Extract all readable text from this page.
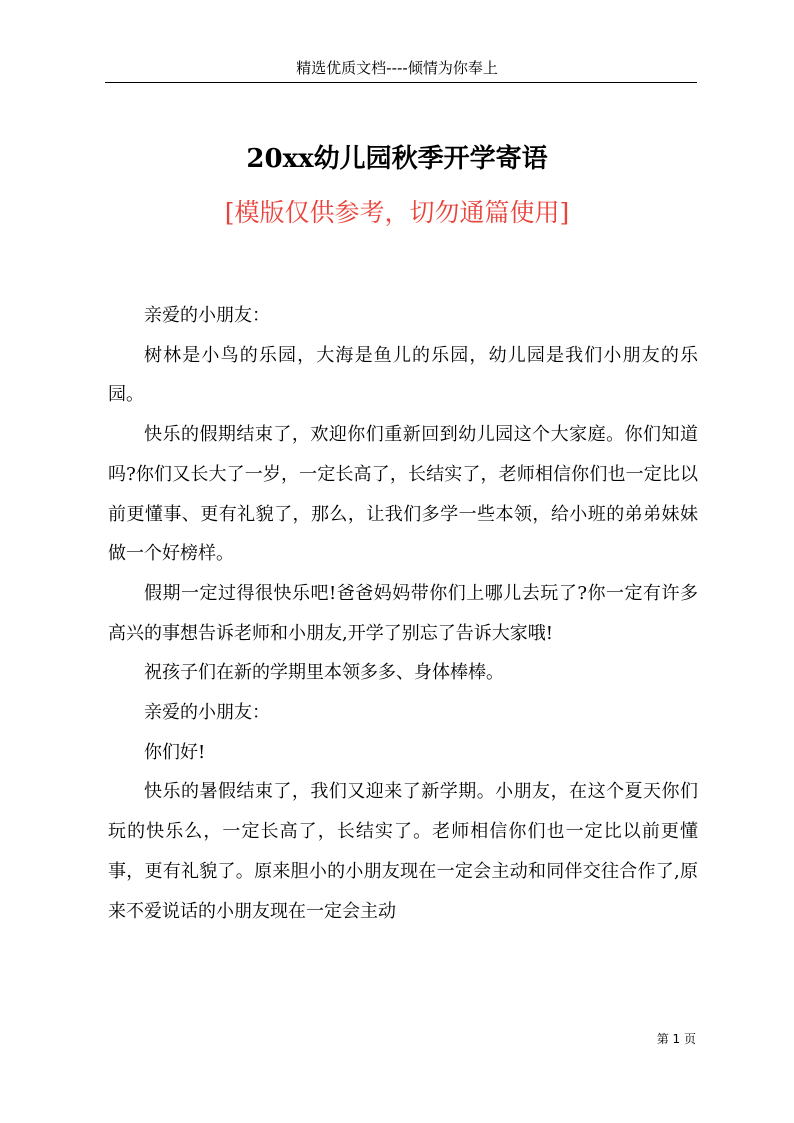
精选优质文档----倾情为你奉上
20xx幼儿园秋季开学寄语
[模版仅供参考，切勿通篇使用]

亲爱的小朋友：

树林是小鸟的乐园，大海是鱼儿的乐园，幼儿园是我们小朋友的乐园。

快乐的假期结束了，欢迎你们重新回到幼儿园这个大家庭。你们知道吗?你们又长大了一岁，一定长高了，长结实了，老师相信你们也一定比以前更懂事、更有礼貌了，那么，让我们多学一些本领，给小班的弟弟妹妹做一个好榜样。

假期一定过得很快乐吧!爸爸妈妈带你们上哪儿去玩了?你一定有许多高兴的事想告诉老师和小朋友,开学了别忘了告诉大家哦!

祝孩子们在新的学期里本领多多、身体棒棒。

亲爱的小朋友：

你们好!

快乐的暑假结束了，我们又迎来了新学期。小朋友，在这个夏天你们玩的快乐么，一定长高了，长结实了。老师相信你们也一定比以前更懂事，更有礼貌了。原来胆小的小朋友现在一定会主动和同伴交往合作了,原来不爱说话的小朋友现在一定会主动

第 1 页
